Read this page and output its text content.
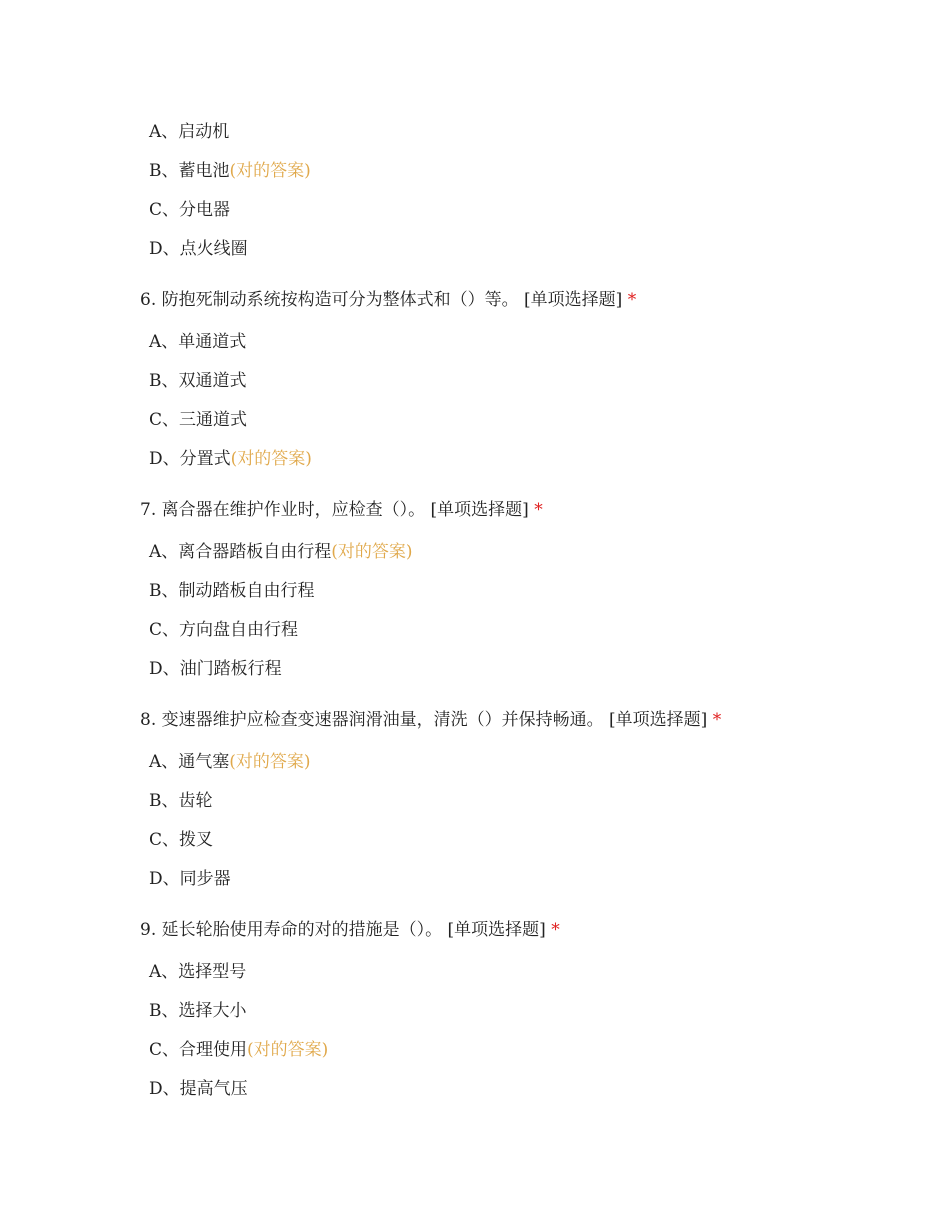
A、启动机
B、蓄电池(对的答案)
C、分电器
D、点火线圈
6. 防抱死制动系统按构造可分为整体式和（）等。 [单项选择题] *
A、单通道式
B、双通道式
C、三通道式
D、分置式(对的答案)
7. 离合器在维护作业时，应检查（）。 [单项选择题] *
A、离合器踏板自由行程(对的答案)
B、制动踏板自由行程
C、方向盘自由行程
D、油门踏板行程
8. 变速器维护应检查变速器润滑油量，清洗（）并保持畅通。 [单项选择题] *
A、通气塞(对的答案)
B、齿轮
C、拨叉
D、同步器
9. 延长轮胎使用寿命的对的措施是（）。 [单项选择题] *
A、选择型号
B、选择大小
C、合理使用(对的答案)
D、提高气压
